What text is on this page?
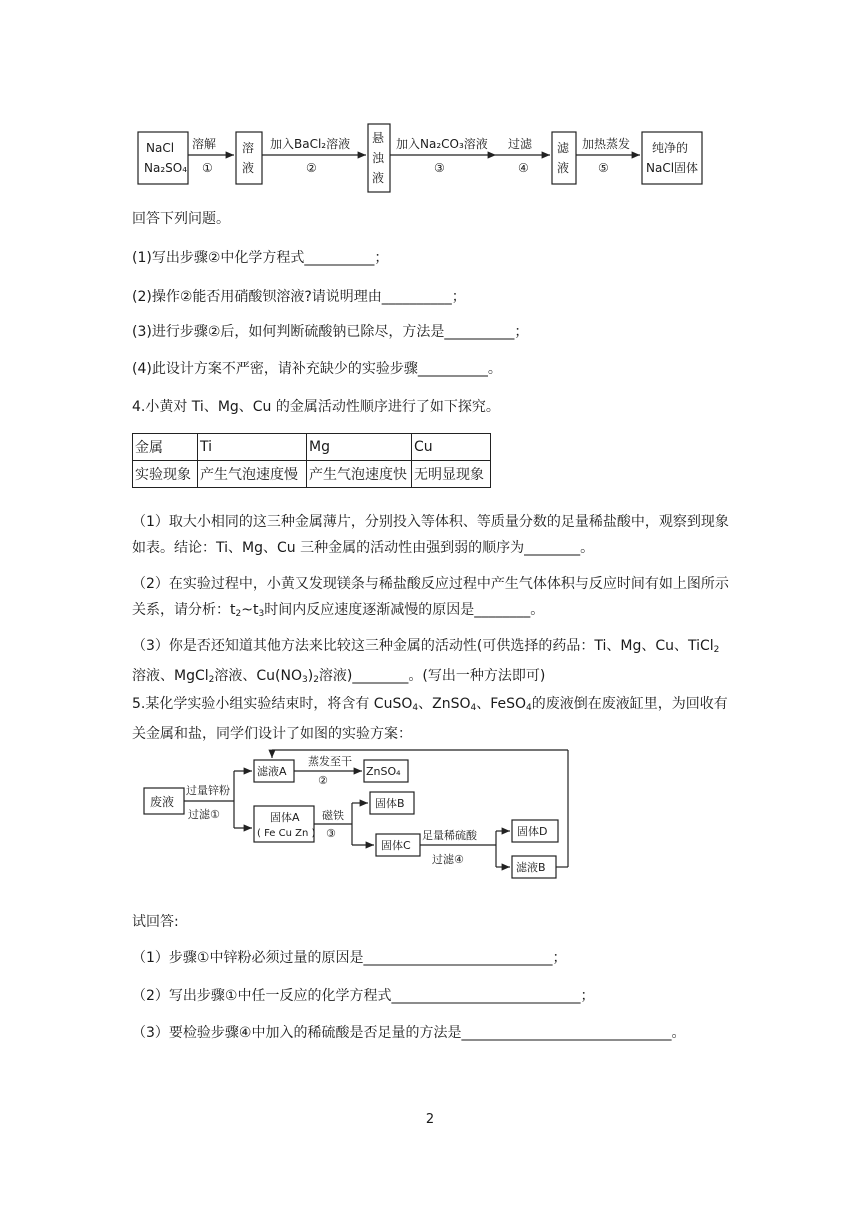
NaCl
Na₂SO₄
溶
液
悬
浊
液
滤
液
纯净的
NaCl固体
溶解
①
加入BaCl₂溶液
②
加入Na₂CO₃溶液
③
过滤
④
加热蒸发
⑤
回答下列问题。
(1)写出步骤②中化学方程式__________；
(2)操作②能否用硝酸钡溶液?请说明理由__________；
(3)进行步骤②后，如何判断硫酸钠已除尽，方法是__________；
(4)此设计方案不严密，请补充缺少的实验步骤__________。
4.小黄对 Ti、Mg、Cu 的金属活动性顺序进行了如下探究。
金属	Ti	Mg	Cu
实验现象	产生气泡速度慢	产生气泡速度快	无明显现象
（1）取大小相同的这三种金属薄片，分别投入等体积、等质量分数的足量稀盐酸中，观察到现象如表。结论：Ti、Mg、Cu 三种金属的活动性由强到弱的顺序为________。
（2）在实验过程中，小黄又发现镁条与稀盐酸反应过程中产生气体体积与反应时间有如上图所示关系，请分析：$t_2\sim t_3$时间内反应速度逐渐减慢的原因是________。
（3）你是否还知道其他方法来比较这三种金属的活动性(可供选择的药品：Ti、Mg、Cu、TiCl$_2$溶液、MgCl$_2$溶液、$Cu(NO_3)_2$溶液)________。(写出一种方法即可)
5.某化学实验小组实验结束时，将含有 CuSO$_4$、ZnSO$_4$、FeSO$_4$的废液倒在废液缸里，为回收有关金属和盐，同学们设计了如图的实验方案：
废液
过量锌粉
过滤①
滤液A
蒸发至干
②
ZnSO₄
固体A
( Fe Cu Zn )
磁铁
③
固体B
固体C
足量稀硫酸
过滤④
固体D
滤液B
试回答:
（1）步骤①中锌粉必须过量的原因是___________________________；
（2）写出步骤①中任一反应的化学方程式___________________________；
（3）要检验步骤④中加入的稀硫酸是否足量的方法是______________________________。
2
